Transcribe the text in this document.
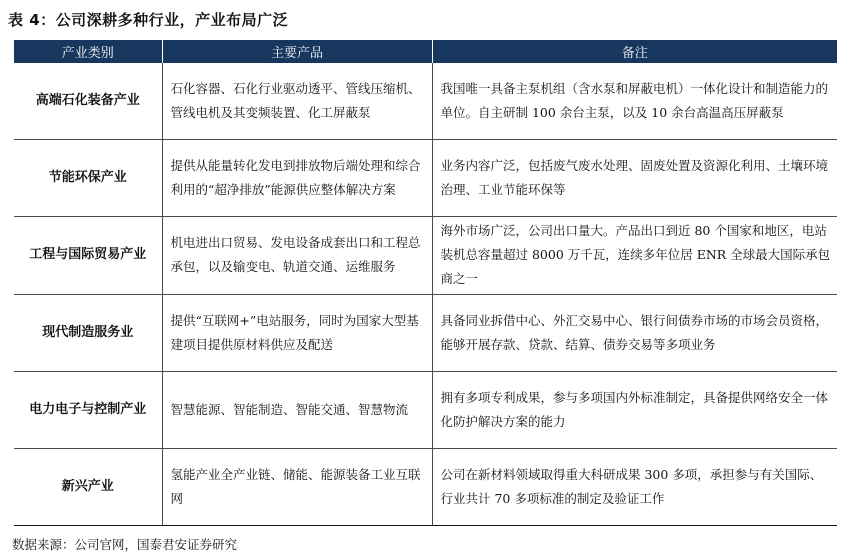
表 4：公司深耕多种行业，产业布局广泛
产业类别	主要产品	备注
高端石化装备产业	石化容器、石化行业驱动透平、管线压缩机、管线电机及其变频装置、化工屏蔽泵	我国唯一具备主泵机组（含水泵和屏蔽电机）一体化设计和制造能力的单位。自主研制 100 余台主泵，以及 10 余台高温高压屏蔽泵
节能环保产业	提供从能量转化发电到排放物后端处理和综合利用的“超净排放”能源供应整体解决方案	业务内容广泛，包括废气废水处理、固废处置及资源化利用、土壤环境治理、工业节能环保等
工程与国际贸易产业	机电进出口贸易、发电设备成套出口和工程总承包，以及输变电、轨道交通、运维服务	海外市场广泛，公司出口量大。产品出口到近 80 个国家和地区，电站装机总容量超过 8000 万千瓦，连续多年位居 ENR 全球最大国际承包商之一
现代制造服务业	提供“互联网+”电站服务，同时为国家大型基建项目提供原材料供应及配送	具备同业拆借中心、外汇交易中心、银行间债券市场的市场会员资格，能够开展存款、贷款、结算、债券交易等多项业务
电力电子与控制产业	智慧能源、智能制造、智能交通、智慧物流	拥有多项专利成果，参与多项国内外标准制定，具备提供网络安全一体化防护解决方案的能力
新兴产业	氢能产业全产业链、储能、能源装备工业互联网	公司在新材料领域取得重大科研成果 300 多项，承担参与有关国际、行业共计 70 多项标准的制定及验证工作
数据来源：公司官网，国泰君安证券研究
